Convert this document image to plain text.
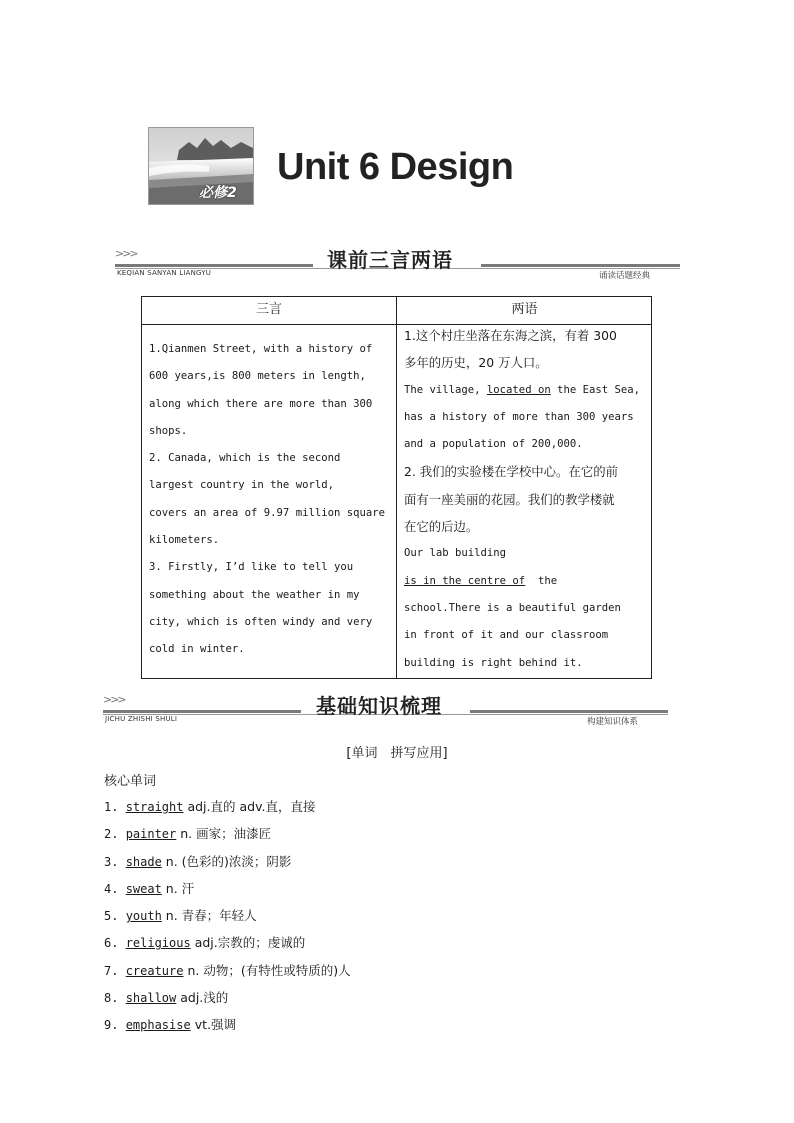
必修2
Unit 6 Design
>>>
KEQIAN SANYAN LIANGYU
课前三言两语
诵读话题经典
三言	两语
1.Qianmen Street, with a history of
600 years,is 800 meters in length,
along which there are more than 300
shops.
2. Canada, which is the second
largest country in the world,
covers an area of 9.97 million square
kilometers.
3. Firstly, I’d like to tell you
something about the weather in my
city, which is often windy and very
cold in winter.
1.这个村庄坐落在东海之滨，有着 300
多年的历史，20 万人口。
The village, located on the East Sea,
has a history of more than 300 years
and a population of 200,000.
2. 我们的实验楼在学校中心。在它的前
面有一座美丽的花园。我们的教学楼就
在它的后边。
Our lab building
is in the centre of  the
school.There is a beautiful garden
in front of it and our classroom
building is right behind it.
>>>
JICHU ZHISHI SHULI
基础知识梳理
构建知识体系
[单词　拼写应用]
核心单词
1. straight adj.直的 adv.直，直接
2. painter n. 画家；油漆匠
3. shade n. (色彩的)浓淡；阴影
4. sweat n. 汗
5. youth n. 青春；年轻人
6. religious adj.宗教的；虔诚的
7. creature n. 动物；(有特性或特质的)人
8. shallow adj.浅的
9. emphasise vt.强调
